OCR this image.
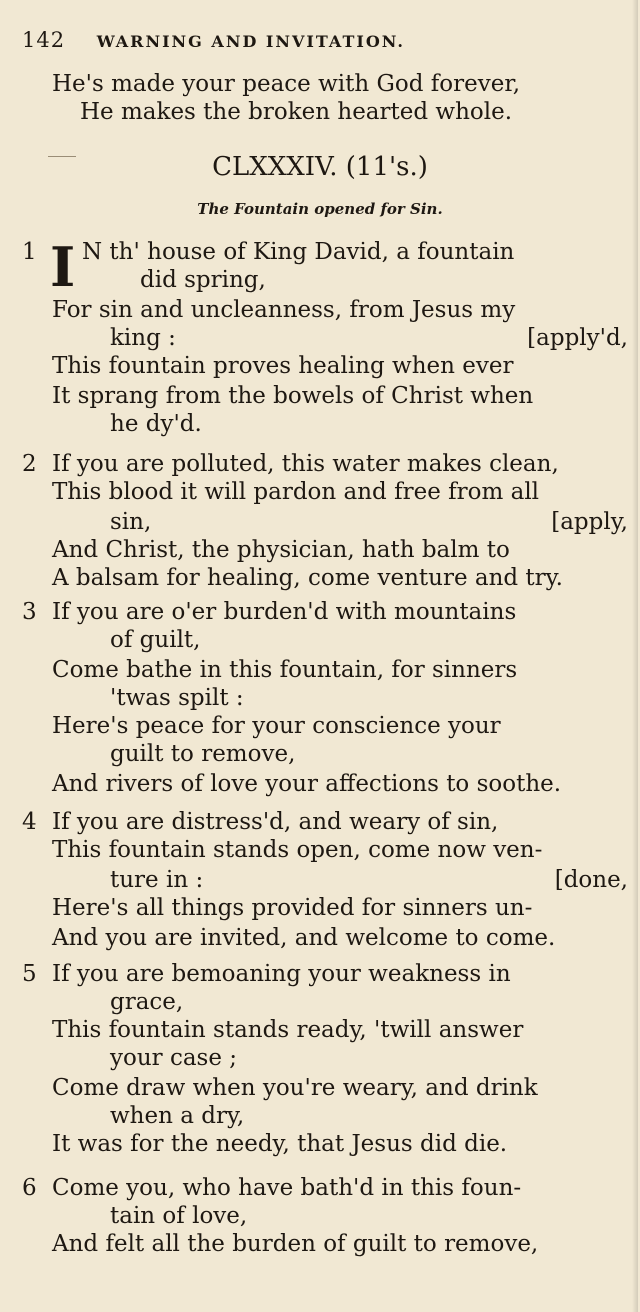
142 WARNING AND INVITATION.
He's made your peace with God forever,
He makes the broken hearted whole.
CLXXXIV. (11's.)
The Fountain opened for Sin.
1 I N th' house of King David, a fountain
did spring,
For sin and uncleanness, from Jesus my
king :	[apply'd,
This fountain proves healing when ever
It sprang from the bowels of Christ when
he dy'd.
2 If you are polluted, this water makes clean,
This blood it will pardon and free from all
sin,	[apply,
And Christ, the physician, hath balm to
A balsam for healing, come venture and try.
3 If you are o'er burden'd with mountains
of guilt,
Come bathe in this fountain, for sinners
'twas spilt :
Here's peace for your conscience your
guilt to remove,
And rivers of love your affections to soothe.
4 If you are distress'd, and weary of sin,
This fountain stands open, come now ven-
ture in :	[done,
Here's all things provided for sinners un-
And you are invited, and welcome to come.
5 If you are bemoaning your weakness in
grace,
This fountain stands ready, 'twill answer
your case ;
Come draw when you're weary, and drink
when a dry,
It was for the needy, that Jesus did die.
6 Come you, who have bath'd in this foun-
tain of love,
And felt all the burden of guilt to remove,
